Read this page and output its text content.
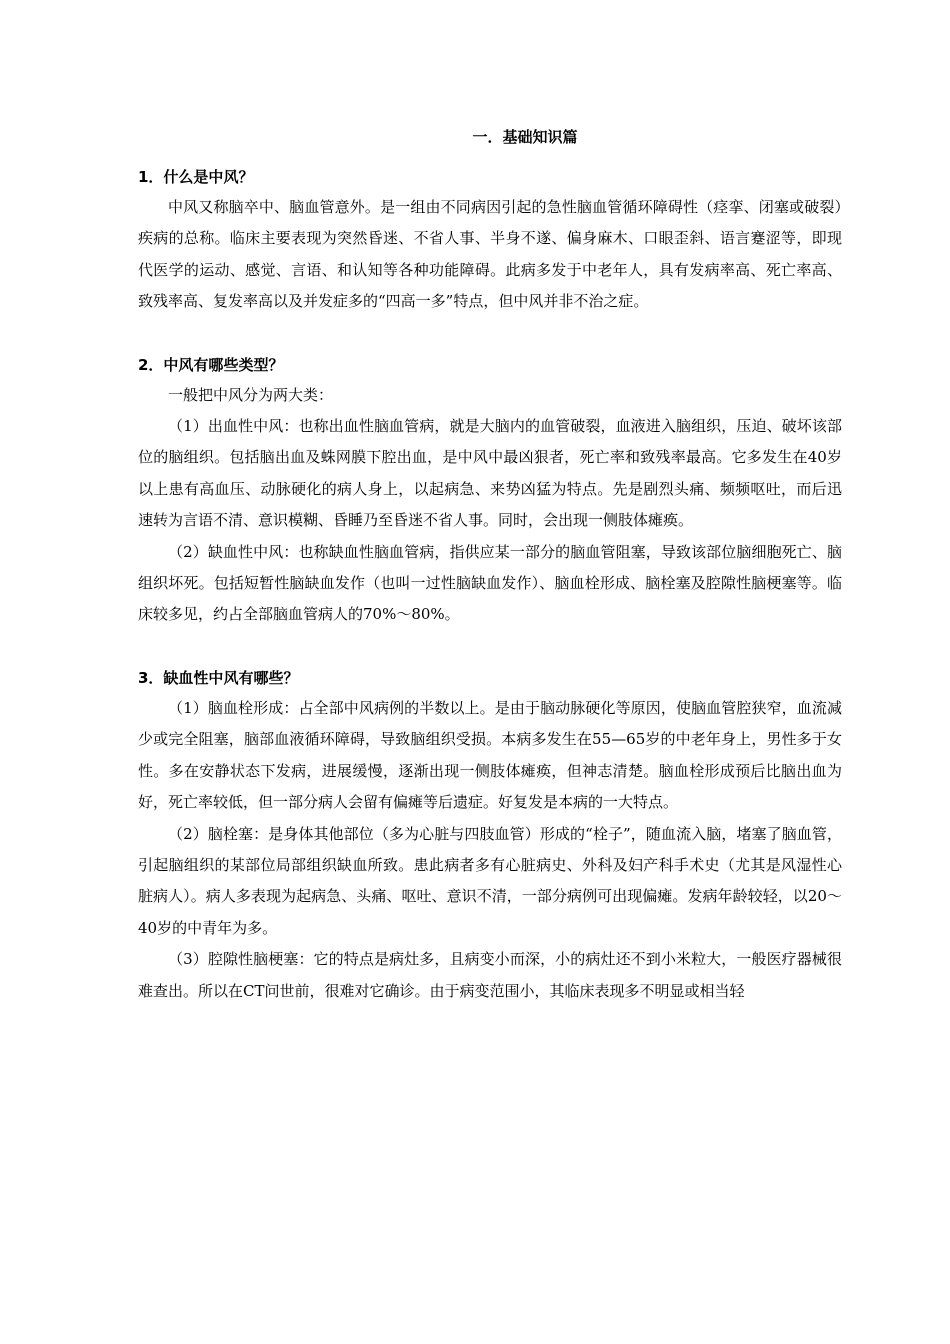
一．基础知识篇
1．什么是中风？

中风又称脑卒中、脑血管意外。是一组由不同病因引起的急性脑血管循环障碍性（痉挛、闭塞或破裂）疾病的总称。临床主要表现为突然昏迷、不省人事、半身不遂、偏身麻木、口眼歪斜、语言蹇涩等，即现代医学的运动、感觉、言语、和认知等各种功能障碍。此病多发于中老年人，具有发病率高、死亡率高、致残率高、复发率高以及并发症多的“四高一多”特点，但中风并非不治之症。

2．中风有哪些类型？

一般把中风分为两大类：

（1）出血性中风：也称出血性脑血管病，就是大脑内的血管破裂，血液进入脑组织，压迫、破坏该部位的脑组织。包括脑出血及蛛网膜下腔出血，是中风中最凶狠者，死亡率和致残率最高。它多发生在40岁以上患有高血压、动脉硬化的病人身上，以起病急、来势凶猛为特点。先是剧烈头痛、频频呕吐，而后迅速转为言语不清、意识模糊、昏睡乃至昏迷不省人事。同时，会出现一侧肢体瘫痪。

（2）缺血性中风：也称缺血性脑血管病，指供应某一部分的脑血管阻塞，导致该部位脑细胞死亡、脑组织坏死。包括短暂性脑缺血发作（也叫一过性脑缺血发作）、脑血栓形成、脑栓塞及腔隙性脑梗塞等。临床较多见，约占全部脑血管病人的70%～80%。

3．缺血性中风有哪些？

（1）脑血栓形成：占全部中风病例的半数以上。是由于脑动脉硬化等原因，使脑血管腔狭窄，血流减少或完全阻塞，脑部血液循环障碍，导致脑组织受损。本病多发生在55—65岁的中老年身上，男性多于女性。多在安静状态下发病，进展缓慢，逐渐出现一侧肢体瘫痪，但神志清楚。脑血栓形成预后比脑出血为好，死亡率较低，但一部分病人会留有偏瘫等后遗症。好复发是本病的一大特点。

（2）脑栓塞：是身体其他部位（多为心脏与四肢血管）形成的“栓子”，随血流入脑，堵塞了脑血管，引起脑组织的某部位局部组织缺血所致。患此病者多有心脏病史、外科及妇产科手术史（尤其是风湿性心脏病人）。病人多表现为起病急、头痛、呕吐、意识不清，一部分病例可出现偏瘫。发病年龄较轻，以20～40岁的中青年为多。

（3）腔隙性脑梗塞：它的特点是病灶多，且病变小而深，小的病灶还不到小米粒大，一般医疗器械很难查出。所以在CT问世前，很难对它确诊。由于病变范围小，其临床表现多不明显或相当轻
